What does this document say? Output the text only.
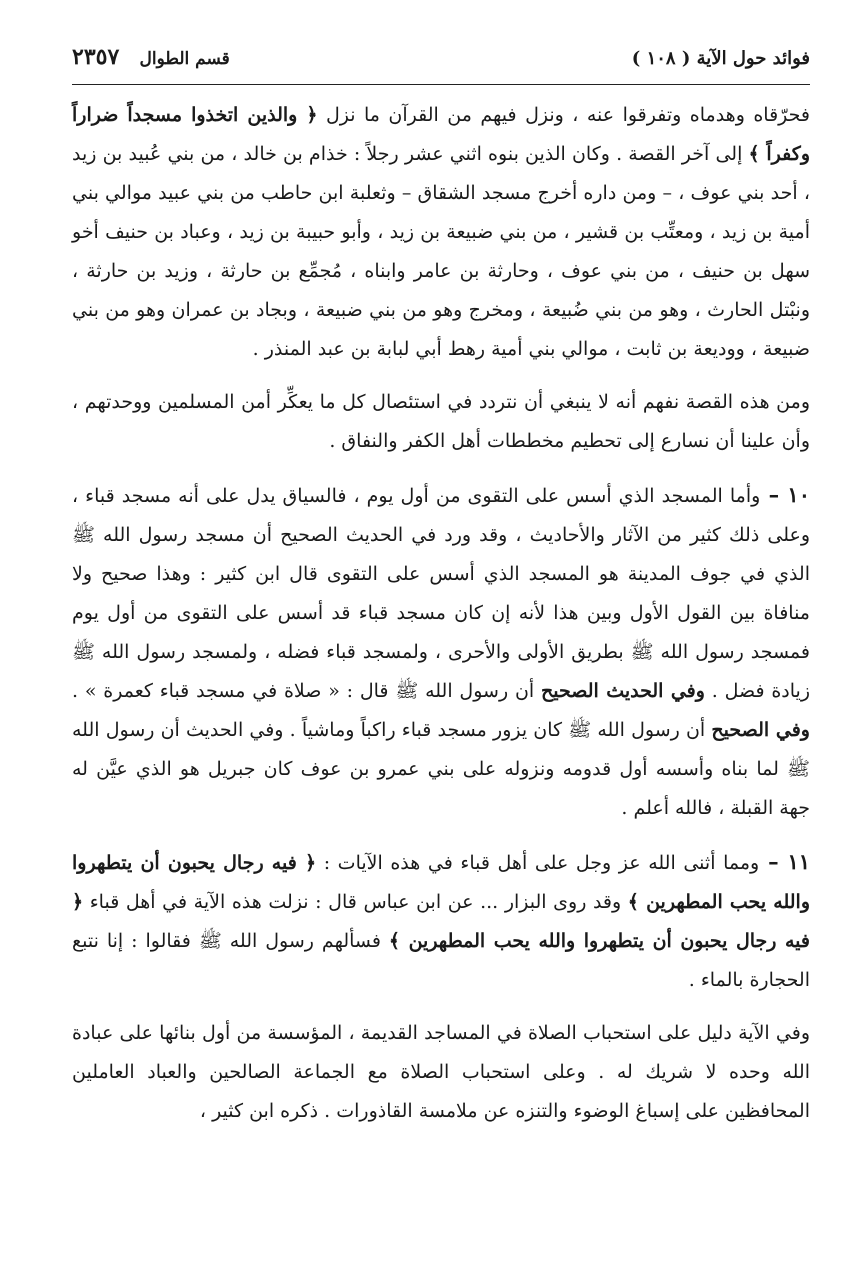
فوائد حول الآية ( ١٠٨ )
قسم الطوال ٢٣٥٧

فحرّقاه وهدماه وتفرقوا عنه ، ونزل فيهم من القرآن ما نزل ﴿ والذين اتخذوا مسجداً ضراراً وكفراً ﴾ إلى آخر القصة . وكان الذين بنوه اثني عشر رجلاً : خذام بن خالد ، من بني عُبيد بن زيد ، أحد بني عوف ، – ومن داره أخرج مسجد الشقاق – وثعلبة ابن حاطب من بني عبيد موالي بني أمية بن زيد ، ومعتِّب بن قشير ، من بني ضبيعة بن زيد ، وأبو حبيبة بن زيد ، وعباد بن حنيف أخو سهل بن حنيف ، من بني عوف ، وحارثة بن عامر وابناه ، مُجمِّع بن حارثة ، وزيد بن حارثة ، ونبْتل الحارث ، وهو من بني ضُبيعة ، ومخرج وهو من بني ضبيعة ، وبجاد بن عمران وهو من بني ضبيعة ، ووديعة بن ثابت ، موالي بني أمية رهط أبي لبابة بن عبد المنذر .

ومن هذه القصة نفهم أنه لا ينبغي أن نتردد في استئصال كل ما يعكِّر أمن المسلمين ووحدتهم ، وأن علينا أن نسارع إلى تحطيم مخططات أهل الكفر والنفاق .

١٠ – وأما المسجد الذي أسس على التقوى من أول يوم ، فالسياق يدل على أنه مسجد قباء ، وعلى ذلك كثير من الآثار والأحاديث ، وقد ورد في الحديث الصحيح أن مسجد رسول الله ﷺ الذي في جوف المدينة هو المسجد الذي أسس على التقوى قال ابن كثير : وهذا صحيح ولا منافاة بين القول الأول وبين هذا لأنه إن كان مسجد قباء قد أسس على التقوى من أول يوم فمسجد رسول الله ﷺ بطريق الأولى والأحرى ، ولمسجد قباء فضله ، ولمسجد رسول الله ﷺ زيادة فضل . وفي الحديث الصحيح أن رسول الله ﷺ قال : « صلاة في مسجد قباء كعمرة » . وفي الصحيح أن رسول الله ﷺ كان يزور مسجد قباء راكباً وماشياً . وفي الحديث أن رسول الله ﷺ لما بناه وأسسه أول قدومه ونزوله على بني عمرو بن عوف كان جبريل هو الذي عيَّن له جهة القبلة ، فالله أعلم .

١١ – ومما أثنى الله عز وجل على أهل قباء في هذه الآيات : ﴿ فيه رجال يحبون أن يتطهروا والله يحب المطهرين ﴾ وقد روى البزار ... عن ابن عباس قال : نزلت هذه الآية في أهل قباء ﴿ فيه رجال يحبون أن يتطهروا والله يحب المطهرين ﴾ فسألهم رسول الله ﷺ فقالوا : إنا نتبع الحجارة بالماء .

وفي الآية دليل على استحباب الصلاة في المساجد القديمة ، المؤسسة من أول بنائها على عبادة الله وحده لا شريك له . وعلى استحباب الصلاة مع الجماعة الصالحين والعباد العاملين المحافظين على إسباغ الوضوء والتنزه عن ملامسة القاذورات . ذكره ابن كثير ،
